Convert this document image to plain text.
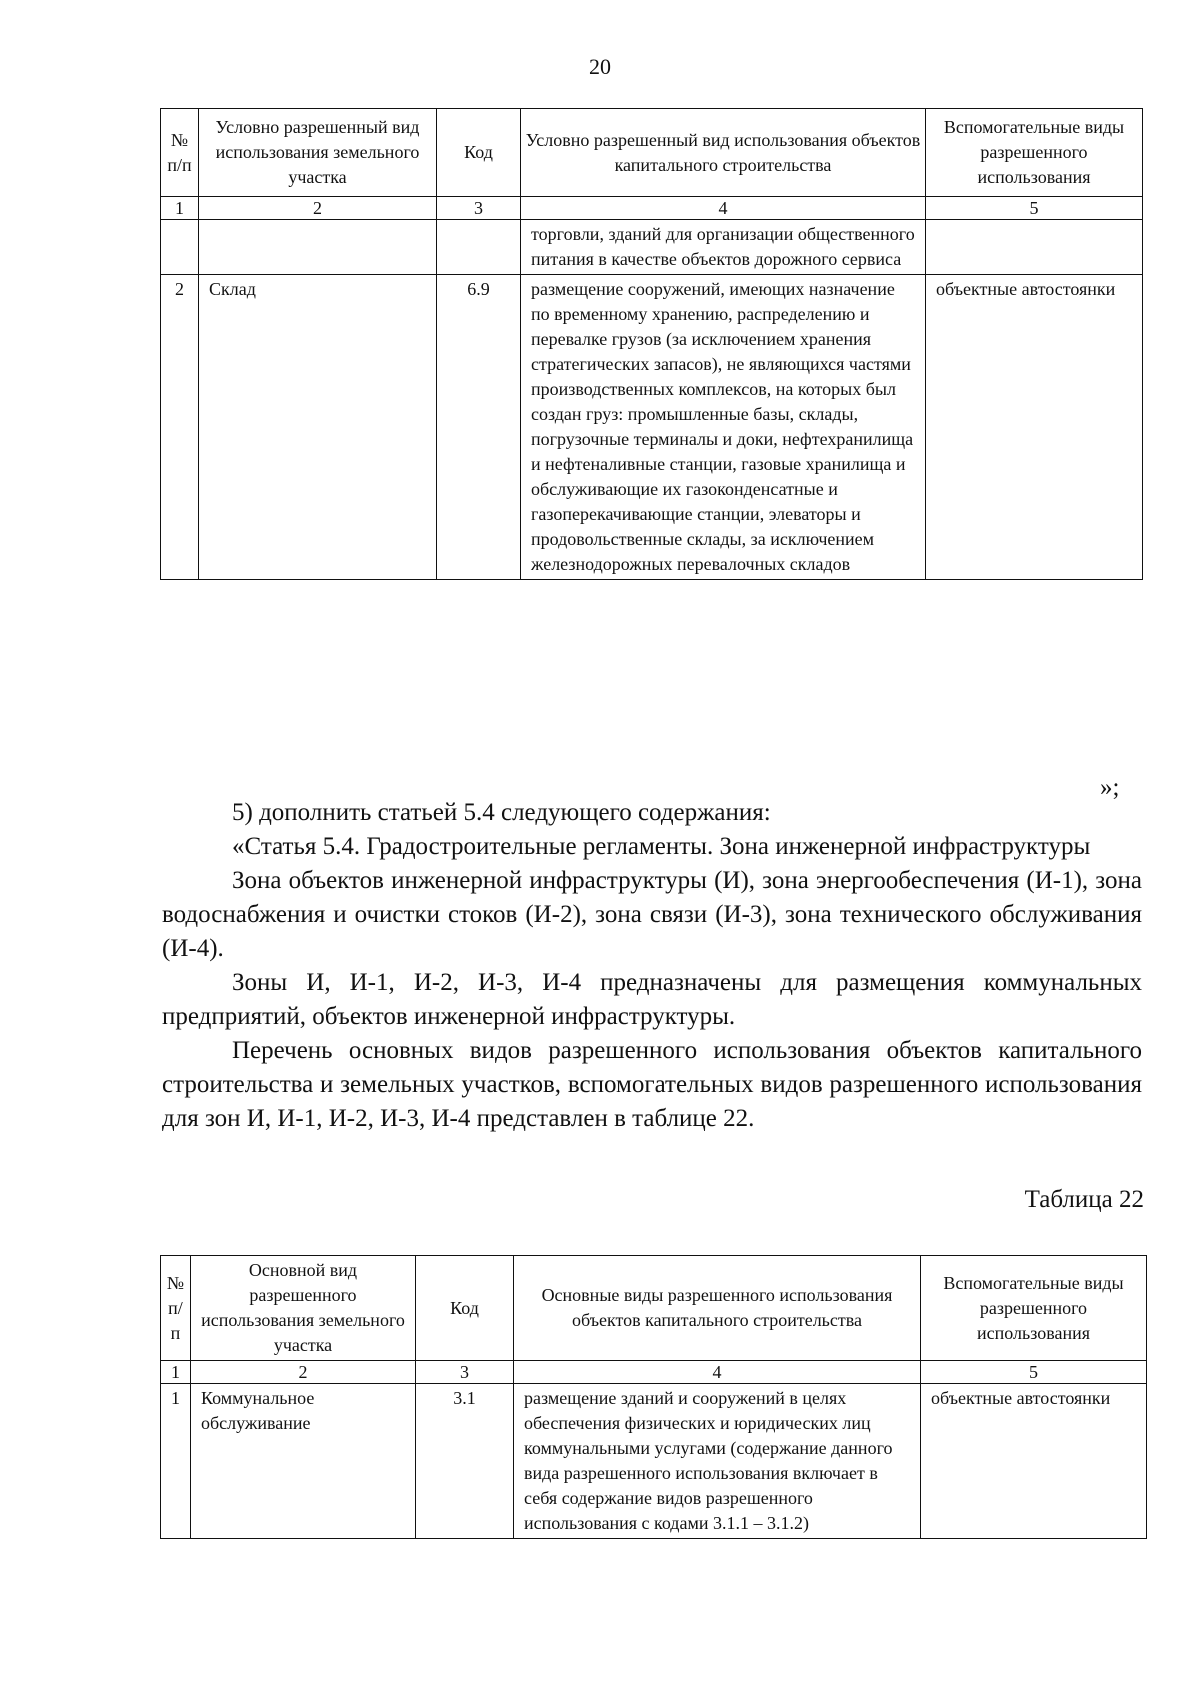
20
№ п/п	Условно разрешенный вид использования земельного участка	Код	Условно разрешенный вид использования объектов капитального строительства	Вспомогательные виды разрешенного использования
1	2	3	4	5
			торговли, зданий для организации общественного питания в качестве объектов дорожного сервиса	
2	Склад	6.9	размещение сооружений, имеющих назначение по временному хранению, распределению и перевалке грузов (за исключением хранения стратегических запасов), не являющихся частями производственных комплексов, на которых был создан груз: промышленные базы, склады, погрузочные терминалы и доки, нефтехранилища и нефтеналивные станции, газовые хранилища и обслуживающие их газоконденсатные и газоперекачивающие станции, элеваторы и продовольственные склады, за исключением железнодорожных перевалочных складов	объектные автостоянки
»;

5) дополнить статьей 5.4 следующего содержания:

«Статья 5.4. Градостроительные регламенты. Зона инженерной инфраструктуры

Зона объектов инженерной инфраструктуры (И), зона энергообеспечения (И-1), зона водоснабжения и очистки стоков (И-2), зона связи (И-3), зона технического обслуживания (И-4).

Зоны И, И-1, И-2, И-3, И-4 предназначены для размещения коммунальных предприятий, объектов инженерной инфраструктуры.

Перечень основных видов разрешенного использования объектов капитального строительства и земельных участков, вспомогательных видов разрешенного использования для зон И, И-1, И-2, И-3, И-4 представлен в таблице 22.

Таблица 22
№ п/п	Основной вид разрешенного использования земельного участка	Код	Основные виды разрешенного использования объектов капитального строительства	Вспомогательные виды разрешенного использования
1	2	3	4	5
1	Коммунальное обслуживание	3.1	размещение зданий и сооружений в целях обеспечения физических и юридических лиц коммунальными услугами (содержание данного вида разрешенного использования включает в себя содержание видов разрешенного использования с кодами 3.1.1 – 3.1.2)	объектные автостоянки
